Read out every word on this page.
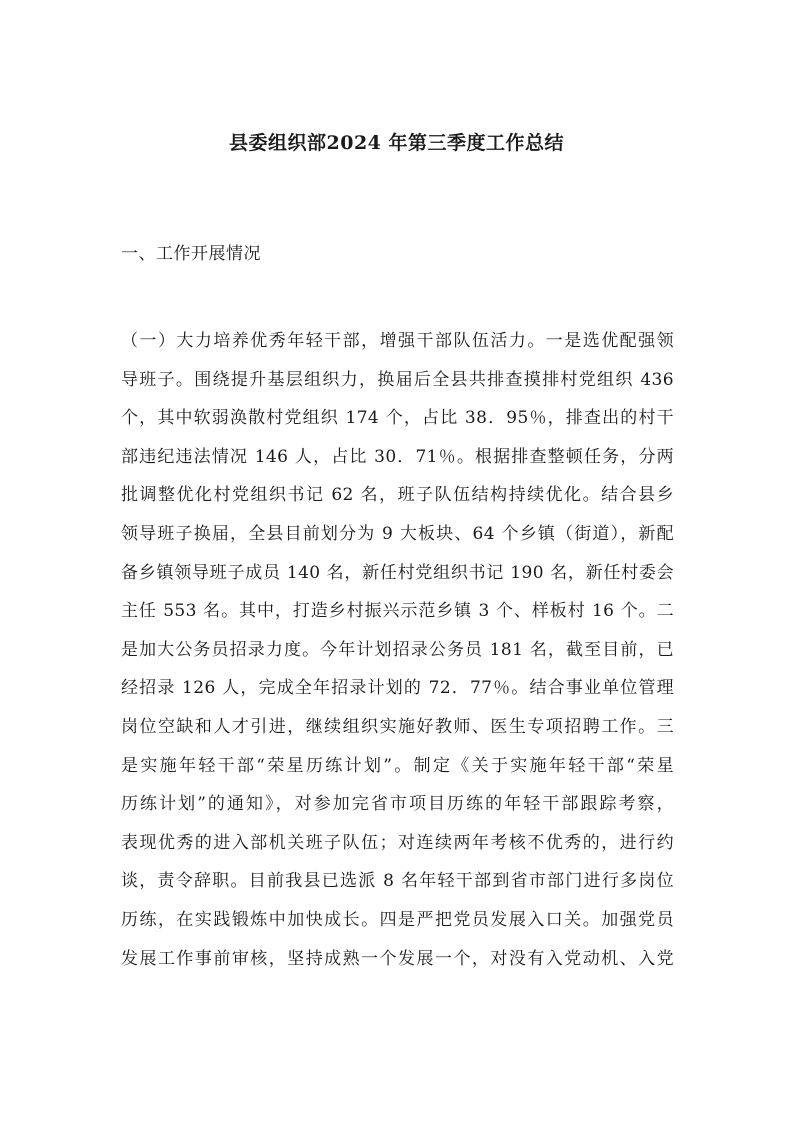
县委组织部2024 年第三季度工作总结
一、工作开展情况
（一）大力培养优秀年轻干部，增强干部队伍活力。一是选优配强领
导班子。围绕提升基层组织力，换届后全县共排查摸排村党组织 436
个，其中软弱涣散村党组织 174 个，占比 38．95％，排查出的村干
部违纪违法情况 146 人，占比 30．71％。根据排查整顿任务，分两
批调整优化村党组织书记 62 名，班子队伍结构持续优化。结合县乡
领导班子换届，全县目前划分为 9 大板块、64 个乡镇（街道），新配
备乡镇领导班子成员 140 名，新任村党组织书记 190 名，新任村委会
主任 553 名。其中，打造乡村振兴示范乡镇 3 个、样板村 16 个。二
是加大公务员招录力度。今年计划招录公务员 181 名，截至目前，已
经招录 126 人，完成全年招录计划的 72．77％。结合事业单位管理
岗位空缺和人才引进，继续组织实施好教师、医生专项招聘工作。三
是实施年轻干部“荣星历练计划”。制定《关于实施年轻干部“荣星
历练计划”的通知》，对参加完省市项目历练的年轻干部跟踪考察，
表现优秀的进入部机关班子队伍；对连续两年考核不优秀的，进行约
谈，责令辞职。目前我县已选派 8 名年轻干部到省市部门进行多岗位
历练，在实践锻炼中加快成长。四是严把党员发展入口关。加强党员
发展工作事前审核，坚持成熟一个发展一个，对没有入党动机、入党
